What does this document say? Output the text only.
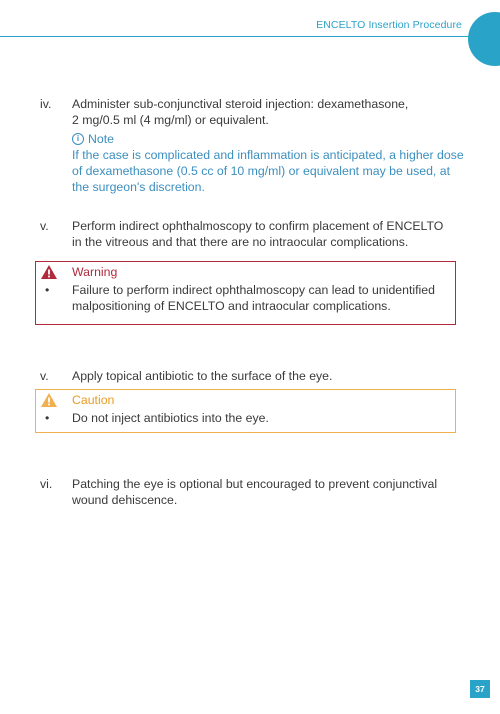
ENCELTO Insertion Procedure
iv. Administer sub-conjunctival steroid injection: dexamethasone,
2 mg/0.5 ml (4 mg/ml) or equivalent.
i Note
If the case is complicated and inflammation is anticipated, a higher dose
of dexamethasone (0.5 cc of 10 mg/ml) or equivalent may be used, at
the surgeon's discretion.
v. Perform indirect ophthalmoscopy to confirm placement of ENCELTO
in the vitreous and that there are no intraocular complications.
Warning
• Failure to perform indirect ophthalmoscopy can lead to unidentified
malpositioning of ENCELTO and intraocular complications.
v. Apply topical antibiotic to the surface of the eye.
Caution
• Do not inject antibiotics into the eye.
vi. Patching the eye is optional but encouraged to prevent conjunctival
wound dehiscence.
37
